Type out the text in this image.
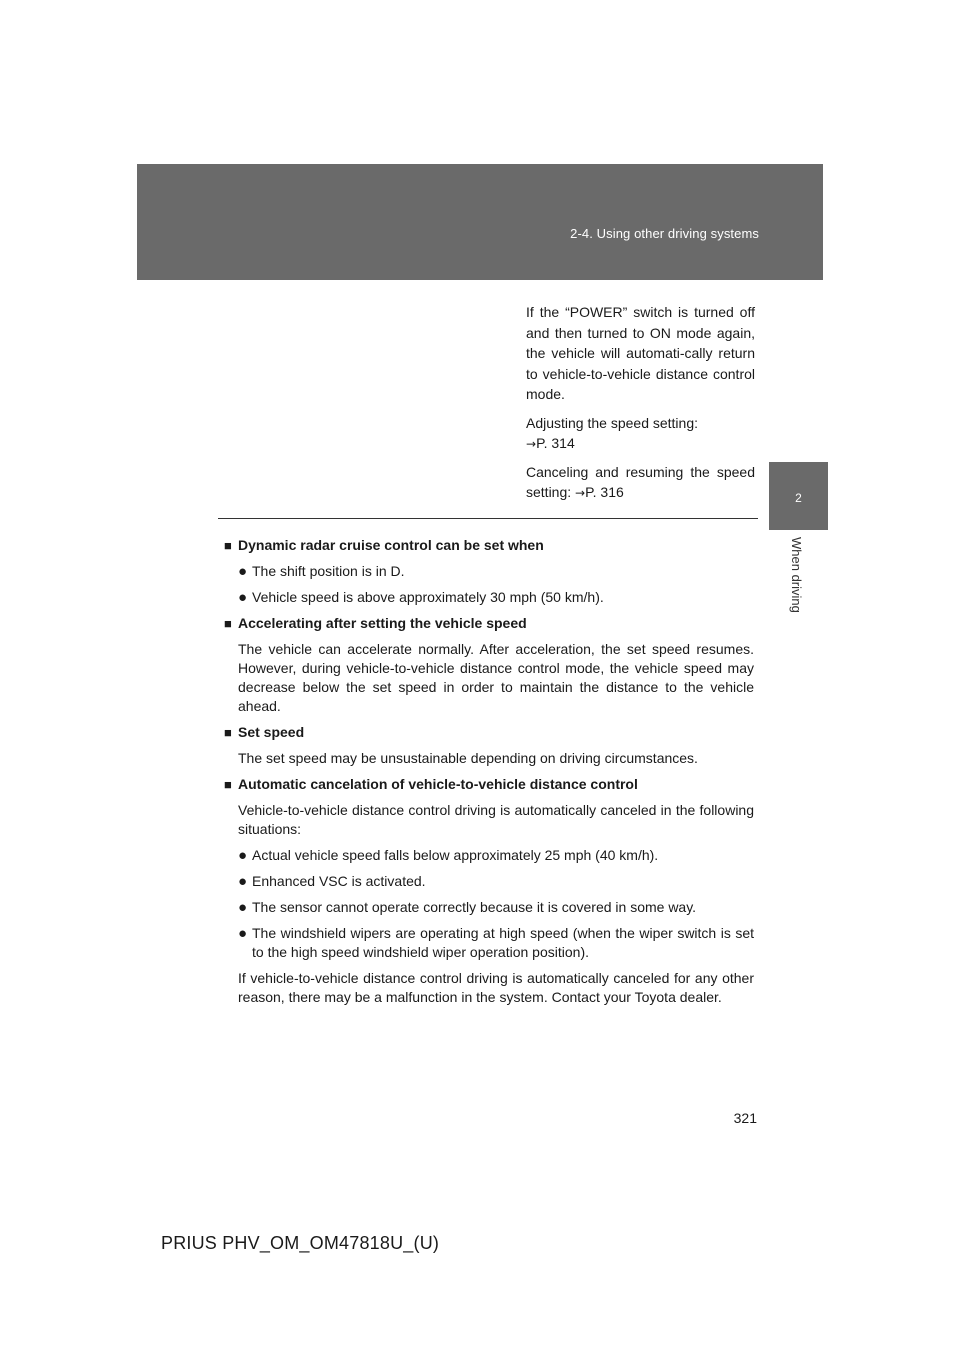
2-4. Using other driving systems
2
When driving

If the “POWER” switch is turned off and then turned to ON mode again, the vehicle will automati-cally return to vehicle-to-vehicle distance control mode.

Adjusting the speed setting:
→P. 314

Canceling and resuming the speed setting: →P. 316

■ Dynamic radar cruise control can be set when

● The shift position is in D.

● Vehicle speed is above approximately 30 mph (50 km/h).

■ Accelerating after setting the vehicle speed

The vehicle can accelerate normally. After acceleration, the set speed resumes. However, during vehicle-to-vehicle distance control mode, the vehicle speed may decrease below the set speed in order to maintain the distance to the vehicle ahead.

■ Set speed

The set speed may be unsustainable depending on driving circumstances.

■ Automatic cancelation of vehicle-to-vehicle distance control

Vehicle-to-vehicle distance control driving is automatically canceled in the following situations:

● Actual vehicle speed falls below approximately 25 mph (40 km/h).

● Enhanced VSC is activated.

● The sensor cannot operate correctly because it is covered in some way.

● The windshield wipers are operating at high speed (when the wiper switch is set to the high speed windshield wiper operation position).

If vehicle-to-vehicle distance control driving is automatically canceled for any other reason, there may be a malfunction in the system. Contact your Toyota dealer.

321
PRIUS PHV_OM_OM47818U_(U)
